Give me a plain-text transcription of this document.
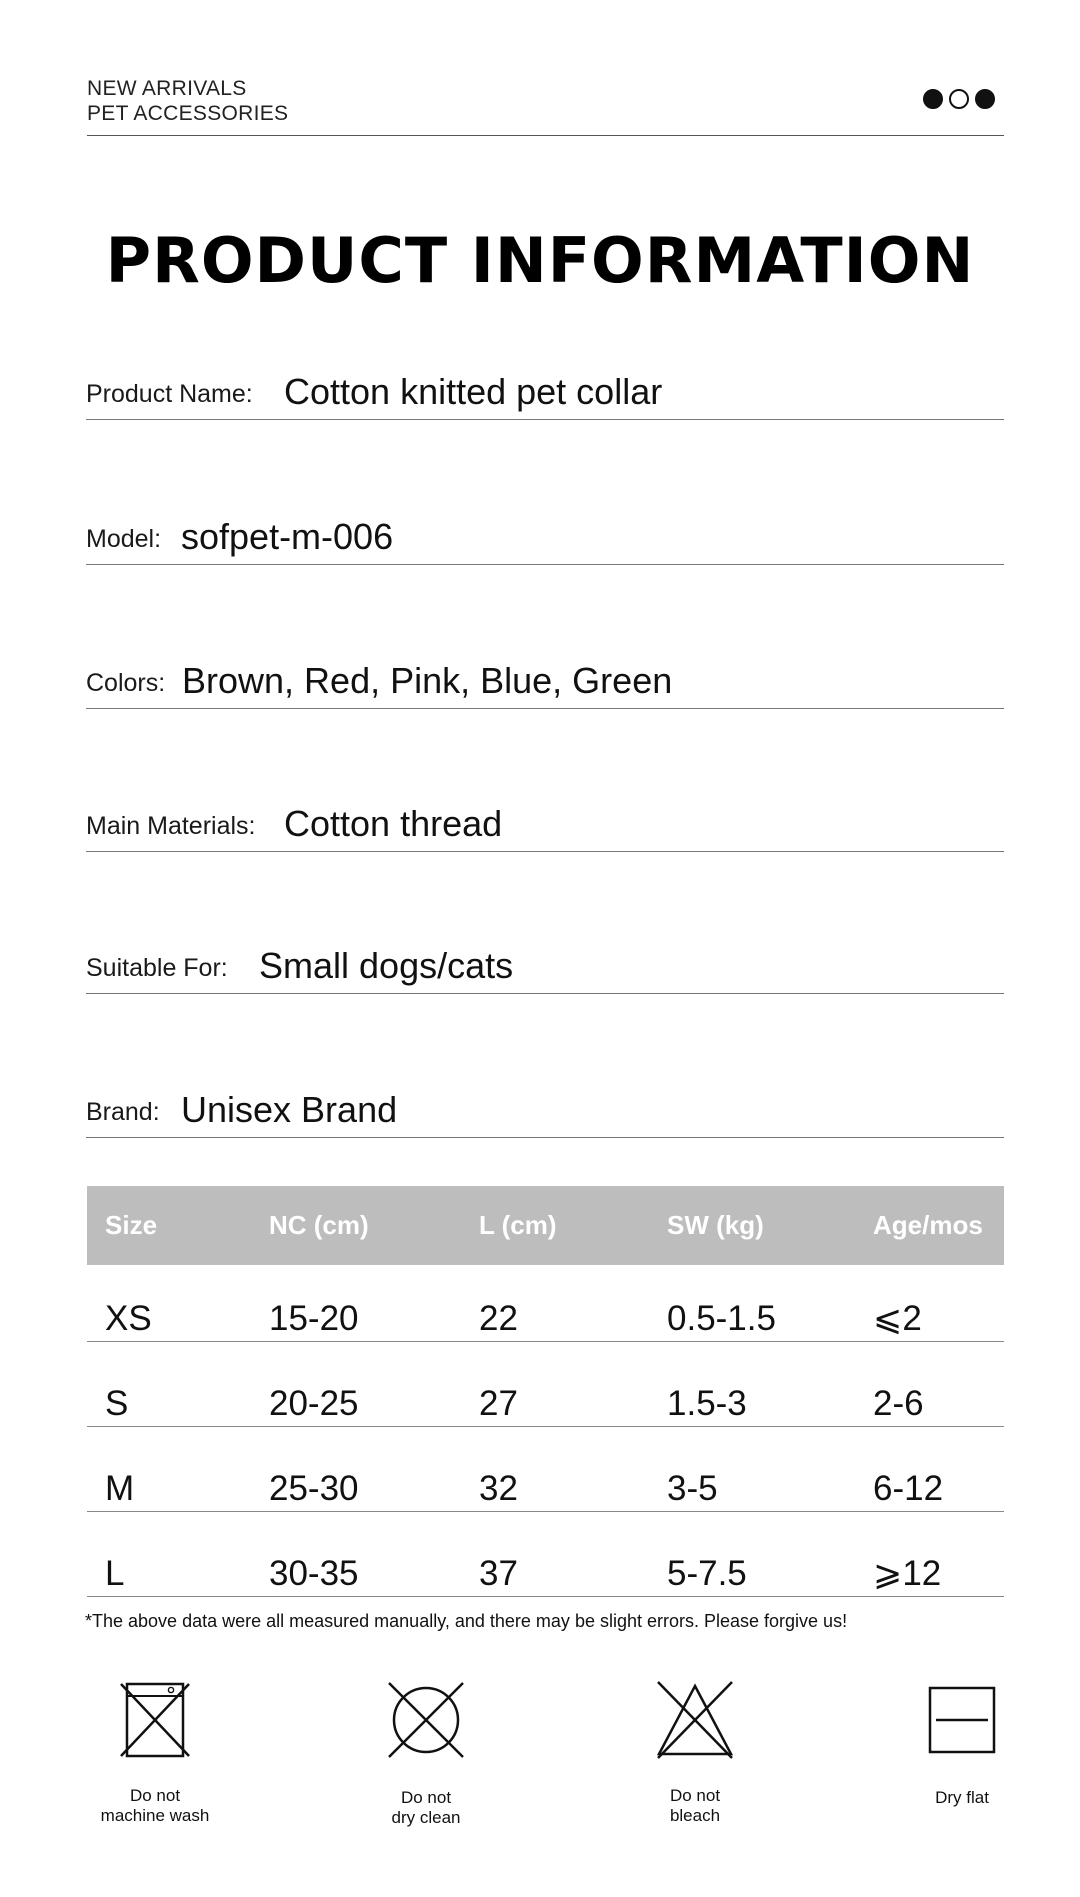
NEW ARRIVALS
PET ACCESSORIES
PRODUCT INFORMATION
Product Name: Cotton knitted pet collar
Model: sofpet-m-006
Colors: Brown, Red, Pink, Blue, Green
Main Materials: Cotton thread
Suitable For: Small dogs/cats
Brand: Unisex Brand
Size	NC (cm)	L (cm)	SW (kg)	Age/mos
XS	15-20	22	0.5-1.5	⩽2
S	20-25	27	1.5-3	2-6
M	25-30	32	3-5	6-12
L	30-35	37	5-7.5	⩾12
*The above data were all measured manually, and there may be slight errors. Please forgive us!
Do not
machine wash
Do not
dry clean
Do not
bleach
Dry flat
